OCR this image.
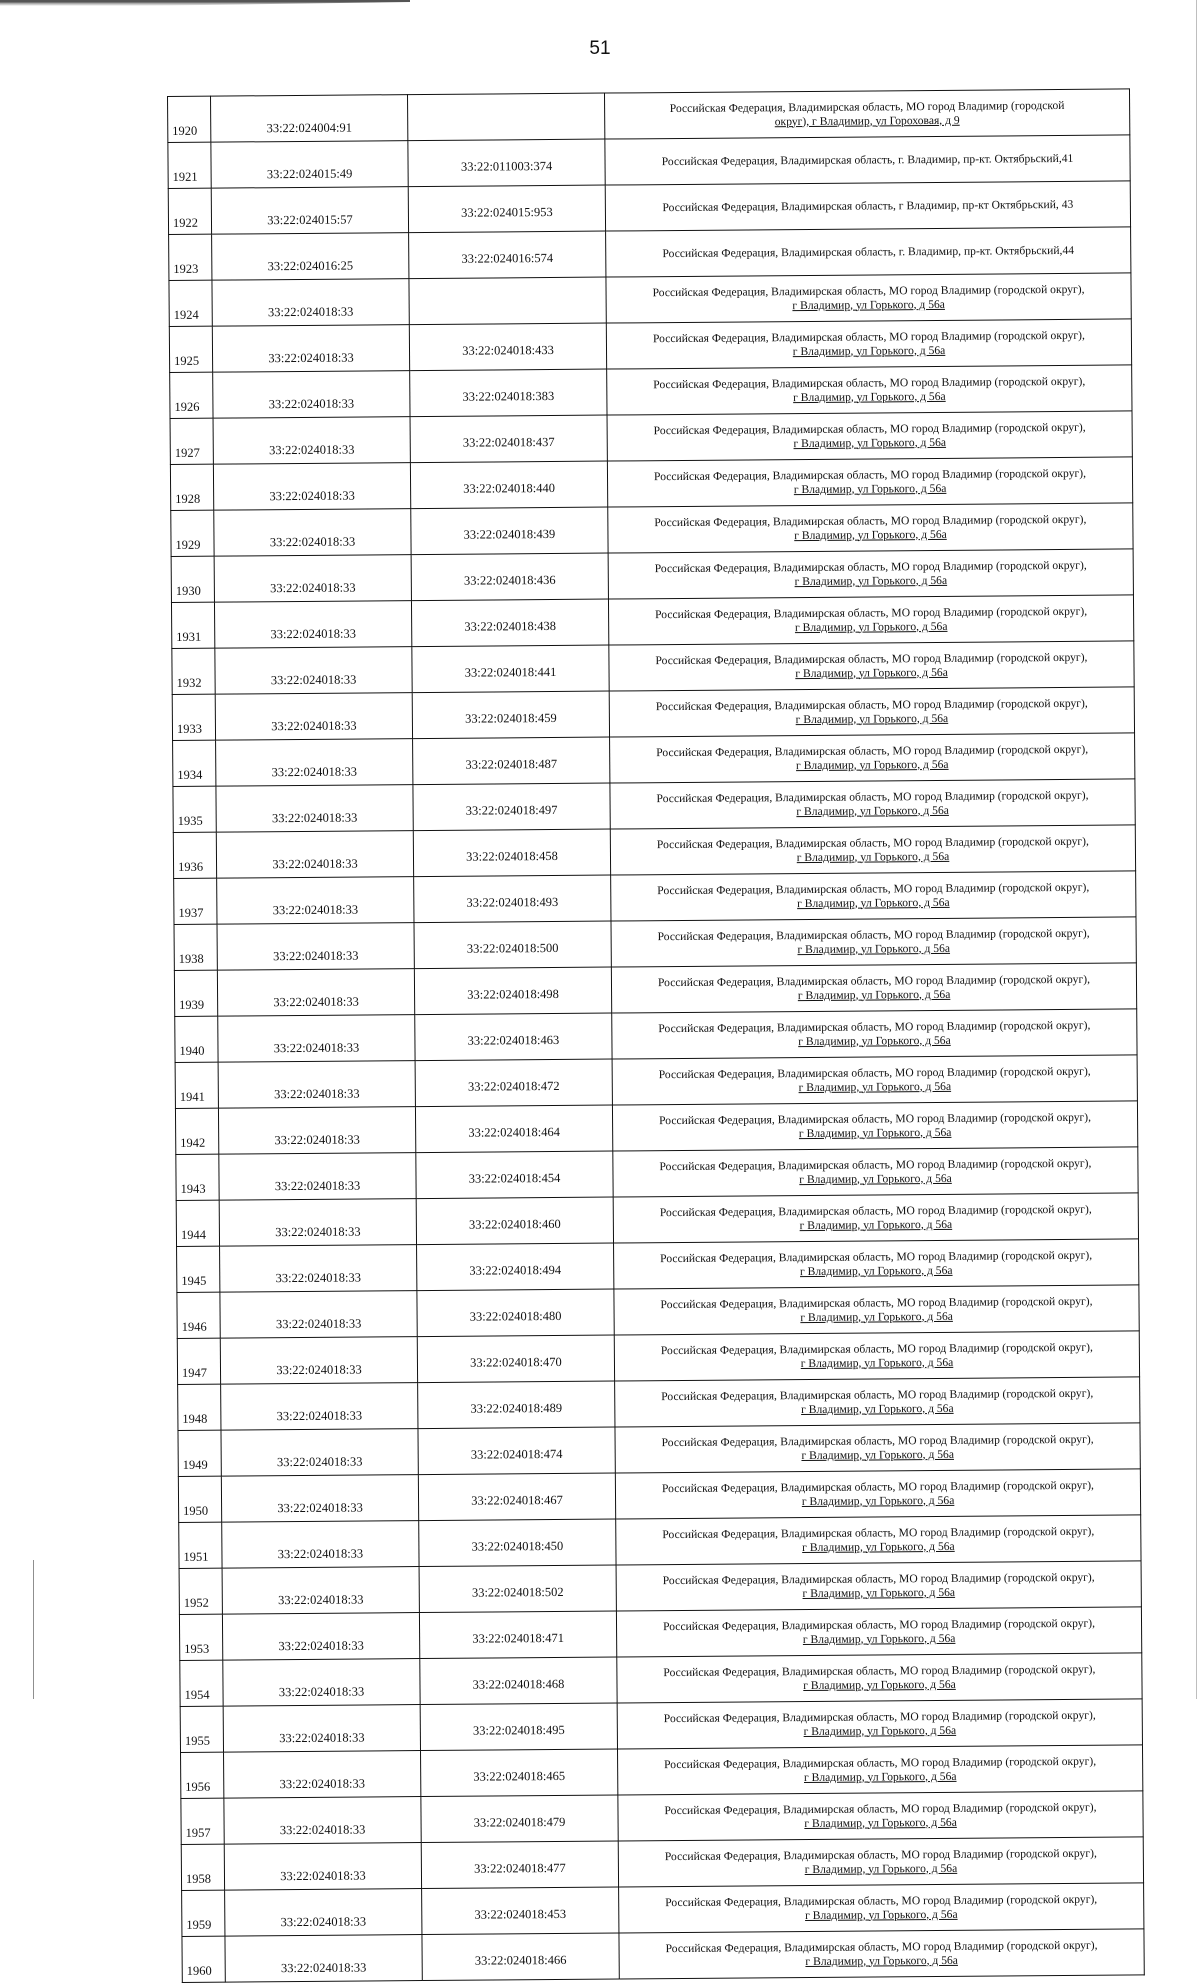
51
1920	33:22:024004:91		Российская Федерация, Владимирская область, МО город Владимир (городской
округ), г Владимир, ул Гороховая, д 9

1921	33:22:024015:49	33:22:011003:374	Российская Федерация, Владимирская область, г. Владимир, пр-кт. Октябрьский,41

1922	33:22:024015:57	33:22:024015:953	Российская Федерация, Владимирская область, г Владимир, пр-кт Октябрьский, 43

1923	33:22:024016:25	33:22:024016:574	Российская Федерация, Владимирская область, г. Владимир, пр-кт. Октябрьский,44

1924	33:22:024018:33		Российская Федерация, Владимирская область, МО город Владимир (городской округ),
г Владимир, ул Горького, д 56а

1925	33:22:024018:33	33:22:024018:433	Российская Федерация, Владимирская область, МО город Владимир (городской округ),
г Владимир, ул Горького, д 56а

1926	33:22:024018:33	33:22:024018:383	Российская Федерация, Владимирская область, МО город Владимир (городской округ),
г Владимир, ул Горького, д 56а

1927	33:22:024018:33	33:22:024018:437	Российская Федерация, Владимирская область, МО город Владимир (городской округ),
г Владимир, ул Горького, д 56а

1928	33:22:024018:33	33:22:024018:440	Российская Федерация, Владимирская область, МО город Владимир (городской округ),
г Владимир, ул Горького, д 56а

1929	33:22:024018:33	33:22:024018:439	Российская Федерация, Владимирская область, МО город Владимир (городской округ),
г Владимир, ул Горького, д 56а

1930	33:22:024018:33	33:22:024018:436	Российская Федерация, Владимирская область, МО город Владимир (городской округ),
г Владимир, ул Горького, д 56а

1931	33:22:024018:33	33:22:024018:438	Российская Федерация, Владимирская область, МО город Владимир (городской округ),
г Владимир, ул Горького, д 56а

1932	33:22:024018:33	33:22:024018:441	Российская Федерация, Владимирская область, МО город Владимир (городской округ),
г Владимир, ул Горького, д 56а

1933	33:22:024018:33	33:22:024018:459	Российская Федерация, Владимирская область, МО город Владимир (городской округ),
г Владимир, ул Горького, д 56а

1934	33:22:024018:33	33:22:024018:487	Российская Федерация, Владимирская область, МО город Владимир (городской округ),
г Владимир, ул Горького, д 56а

1935	33:22:024018:33	33:22:024018:497	Российская Федерация, Владимирская область, МО город Владимир (городской округ),
г Владимир, ул Горького, д 56а

1936	33:22:024018:33	33:22:024018:458	Российская Федерация, Владимирская область, МО город Владимир (городской округ),
г Владимир, ул Горького, д 56а

1937	33:22:024018:33	33:22:024018:493	Российская Федерация, Владимирская область, МО город Владимир (городской округ),
г Владимир, ул Горького, д 56а

1938	33:22:024018:33	33:22:024018:500	Российская Федерация, Владимирская область, МО город Владимир (городской округ),
г Владимир, ул Горького, д 56а

1939	33:22:024018:33	33:22:024018:498	Российская Федерация, Владимирская область, МО город Владимир (городской округ),
г Владимир, ул Горького, д 56а

1940	33:22:024018:33	33:22:024018:463	Российская Федерация, Владимирская область, МО город Владимир (городской округ),
г Владимир, ул Горького, д 56а

1941	33:22:024018:33	33:22:024018:472	Российская Федерация, Владимирская область, МО город Владимир (городской округ),
г Владимир, ул Горького, д 56а

1942	33:22:024018:33	33:22:024018:464	Российская Федерация, Владимирская область, МО город Владимир (городской округ),
г Владимир, ул Горького, д 56а

1943	33:22:024018:33	33:22:024018:454	Российская Федерация, Владимирская область, МО город Владимир (городской округ),
г Владимир, ул Горького, д 56а

1944	33:22:024018:33	33:22:024018:460	Российская Федерация, Владимирская область, МО город Владимир (городской округ),
г Владимир, ул Горького, д 56а

1945	33:22:024018:33	33:22:024018:494	Российская Федерация, Владимирская область, МО город Владимир (городской округ),
г Владимир, ул Горького, д 56а

1946	33:22:024018:33	33:22:024018:480	Российская Федерация, Владимирская область, МО город Владимир (городской округ),
г Владимир, ул Горького, д 56а

1947	33:22:024018:33	33:22:024018:470	Российская Федерация, Владимирская область, МО город Владимир (городской округ),
г Владимир, ул Горького, д 56а

1948	33:22:024018:33	33:22:024018:489	Российская Федерация, Владимирская область, МО город Владимир (городской округ),
г Владимир, ул Горького, д 56а

1949	33:22:024018:33	33:22:024018:474	Российская Федерация, Владимирская область, МО город Владимир (городской округ),
г Владимир, ул Горького, д 56а

1950	33:22:024018:33	33:22:024018:467	Российская Федерация, Владимирская область, МО город Владимир (городской округ),
г Владимир, ул Горького, д 56а

1951	33:22:024018:33	33:22:024018:450	Российская Федерация, Владимирская область, МО город Владимир (городской округ),
г Владимир, ул Горького, д 56а

1952	33:22:024018:33	33:22:024018:502	Российская Федерация, Владимирская область, МО город Владимир (городской округ),
г Владимир, ул Горького, д 56а

1953	33:22:024018:33	33:22:024018:471	Российская Федерация, Владимирская область, МО город Владимир (городской округ),
г Владимир, ул Горького, д 56а

1954	33:22:024018:33	33:22:024018:468	Российская Федерация, Владимирская область, МО город Владимир (городской округ),
г Владимир, ул Горького, д 56а

1955	33:22:024018:33	33:22:024018:495	Российская Федерация, Владимирская область, МО город Владимир (городской округ),
г Владимир, ул Горького, д 56а

1956	33:22:024018:33	33:22:024018:465	Российская Федерация, Владимирская область, МО город Владимир (городской округ),
г Владимир, ул Горького, д 56а

1957	33:22:024018:33	33:22:024018:479	Российская Федерация, Владимирская область, МО город Владимир (городской округ),
г Владимир, ул Горького, д 56а

1958	33:22:024018:33	33:22:024018:477	Российская Федерация, Владимирская область, МО город Владимир (городской округ),
г Владимир, ул Горького, д 56а

1959	33:22:024018:33	33:22:024018:453	Российская Федерация, Владимирская область, МО город Владимир (городской округ),
г Владимир, ул Горького, д 56а

1960	33:22:024018:33	33:22:024018:466	Российская Федерация, Владимирская область, МО город Владимир (городской округ),
г Владимир, ул Горького, д 56а
